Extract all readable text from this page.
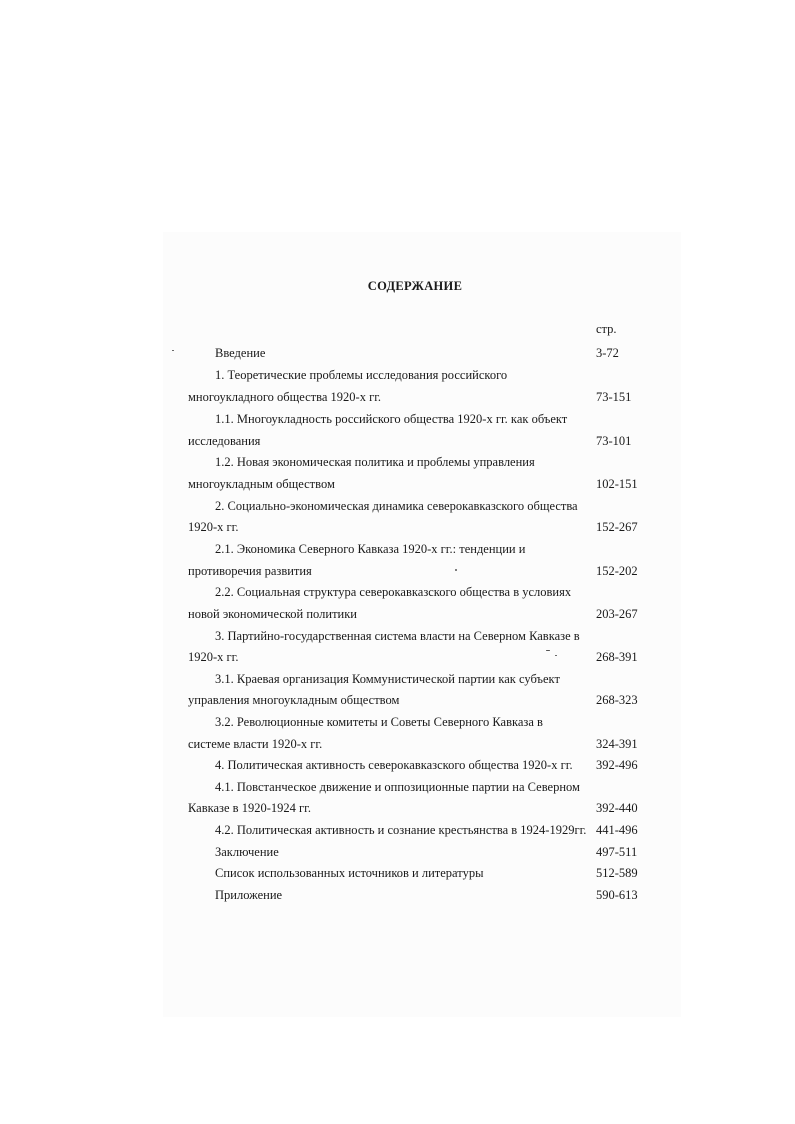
СОДЕРЖАНИЕ
стр.
Введение	3-72
1. Теоретические проблемы исследования российского
многоукладного общества 1920-х гг.	73-151
1.1. Многоукладность российского общества 1920-х гг. как объект
исследования	73-101
1.2. Новая экономическая политика и проблемы управления
многоукладным обществом	102-151
2. Социально-экономическая динамика северокавказского общества
1920-х гг.	152-267
2.1. Экономика Северного Кавказа 1920-х гг.: тенденции и
противоречия развития	152-202
2.2. Социальная структура северокавказского общества в условиях
новой экономической политики	203-267
3. Партийно-государственная система власти на Северном Кавказе в
1920-х гг.	268-391
3.1. Краевая организация Коммунистической партии как субъект
управления многоукладным обществом	268-323
3.2. Революционные комитеты и Советы Северного Кавказа в
системе власти 1920-х гг.	324-391
4. Политическая активность северокавказского общества 1920-х гг. 392-496
4.1. Повстанческое движение и оппозиционные партии на Северном
Кавказе в 1920-1924 гг.	392-440
4.2. Политическая активность и сознание крестьянства в 1924-1929гг. 441-496
Заключение	497-511
Список использованных источников и литературы	512-589
Приложение	590-613
